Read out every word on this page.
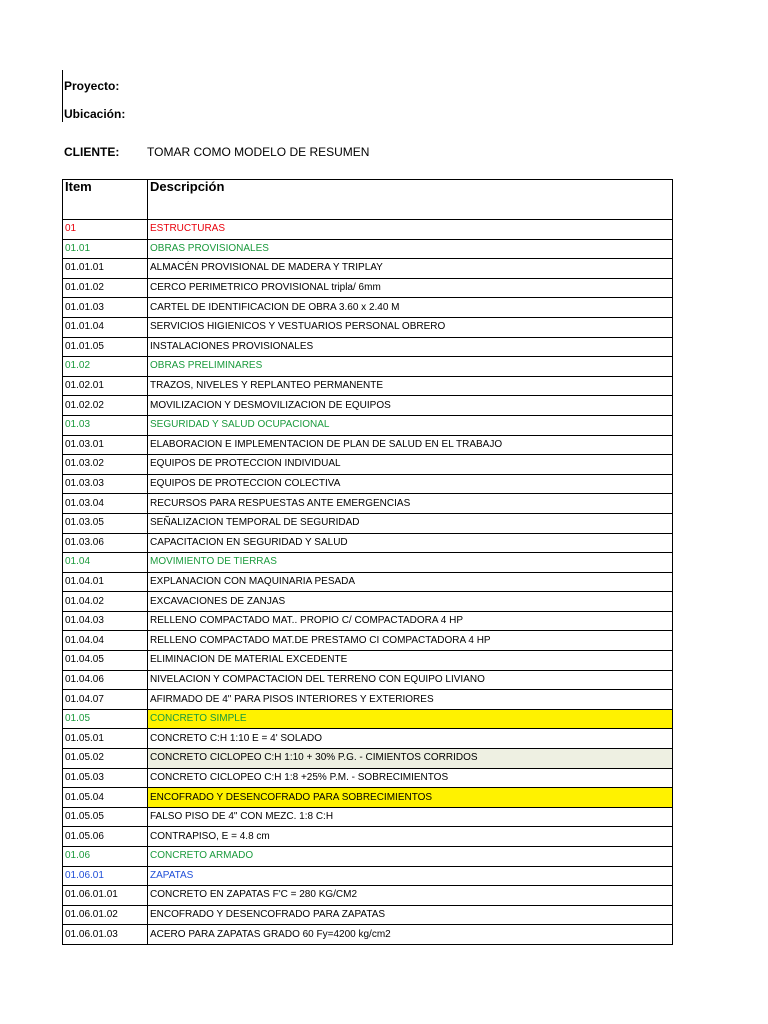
Proyecto:
Ubicación:
CLIENTE: TOMAR COMO MODELO DE RESUMEN
Item	Descripción
01	ESTRUCTURAS
01.01	OBRAS PROVISIONALES
01.01.01	ALMACÉN PROVISIONAL DE MADERA Y TRIPLAY
01.01.02	CERCO PERIMETRICO PROVISIONAL tripla/ 6mm
01.01.03	CARTEL DE IDENTIFICACION DE OBRA 3.60 x 2.40 M
01.01.04	SERVICIOS HIGIENICOS Y VESTUARIOS PERSONAL OBRERO
01.01.05	INSTALACIONES PROVISIONALES
01.02	OBRAS PRELIMINARES
01.02.01	TRAZOS, NIVELES Y REPLANTEO PERMANENTE
01.02.02	MOVILIZACION Y DESMOVILIZACION DE EQUIPOS
01.03	SEGURIDAD Y SALUD OCUPACIONAL
01.03.01	ELABORACION E IMPLEMENTACION DE PLAN DE SALUD EN EL TRABAJO
01.03.02	EQUIPOS DE PROTECCION INDIVIDUAL
01.03.03	EQUIPOS DE PROTECCION COLECTIVA
01.03.04	RECURSOS PARA RESPUESTAS ANTE EMERGENCIAS
01.03.05	SEÑALIZACION TEMPORAL DE SEGURIDAD
01.03.06	CAPACITACION EN SEGURIDAD Y SALUD
01.04	MOVIMIENTO DE TIERRAS
01.04.01	EXPLANACION CON MAQUINARIA PESADA
01.04.02	EXCAVACIONES DE ZANJAS
01.04.03	RELLENO COMPACTADO MAT.. PROPIO C/ COMPACTADORA 4 HP
01.04.04	RELLENO COMPACTADO MAT.DE PRESTAMO CI COMPACTADORA 4 HP
01.04.05	ELIMINACION DE MATERIAL EXCEDENTE
01.04.06	NIVELACION Y COMPACTACION DEL TERRENO CON EQUIPO LIVIANO
01.04.07	AFIRMADO DE 4" PARA PISOS INTERIORES Y EXTERIORES
01.05	CONCRETO SIMPLE
01.05.01	CONCRETO C:H 1:10 E = 4' SOLADO
01.05.02	CONCRETO CICLOPEO C:H 1:10 + 30% P.G. - CIMIENTOS CORRIDOS
01.05.03	CONCRETO CICLOPEO C:H 1:8 +25% P.M. - SOBRECIMIENTOS
01.05.04	ENCOFRADO Y DESENCOFRADO PARA SOBRECIMIENTOS
01.05.05	FALSO PISO DE 4" CON MEZC. 1:8 C:H
01.05.06	CONTRAPISO, E = 4.8 cm
01.06	CONCRETO ARMADO
01.06.01	ZAPATAS
01.06.01.01	CONCRETO EN ZAPATAS F'C = 280 KG/CM2
01.06.01.02	ENCOFRADO Y DESENCOFRADO PARA ZAPATAS
01.06.01.03	ACERO PARA ZAPATAS GRADO 60 Fy=4200 kg/cm2
